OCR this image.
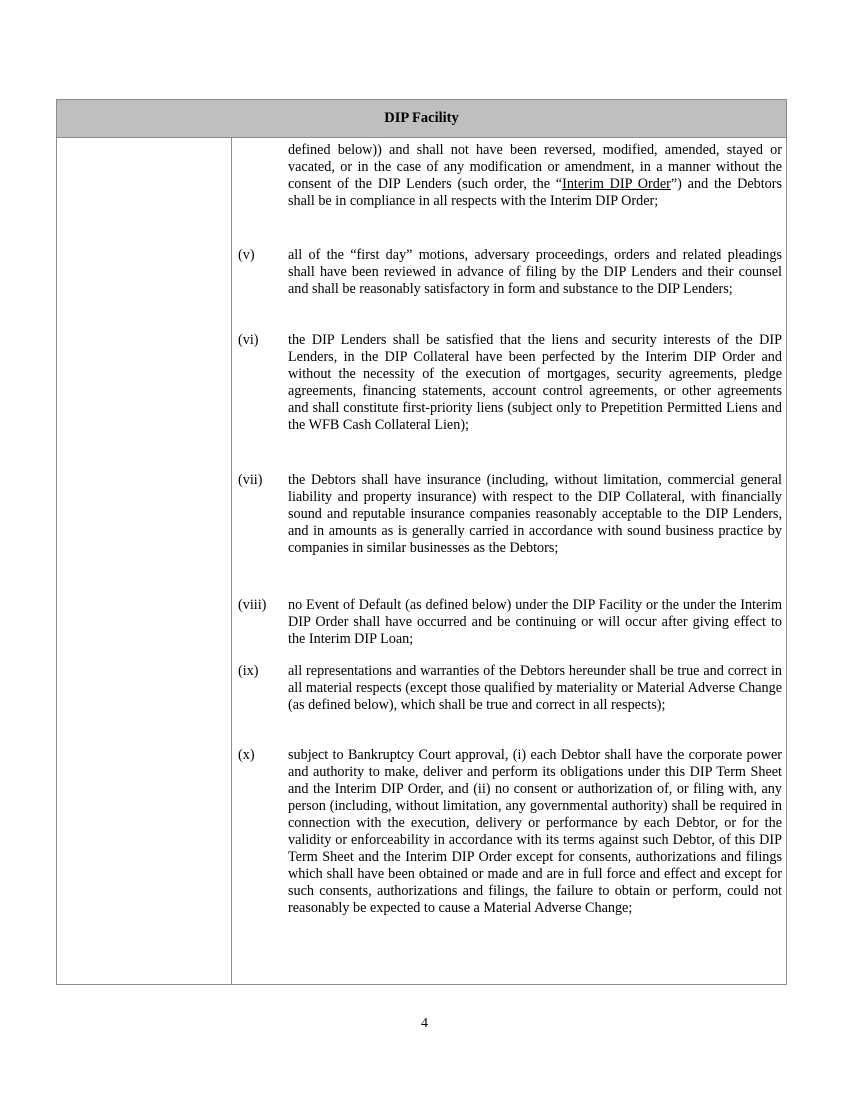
DIP Facility
defined below)) and shall not have been reversed, modified, amended, stayed or vacated, or in the case of any modification or amendment, in a manner without the consent of the DIP Lenders (such order, the “Interim DIP Order”) and the Debtors shall be in compliance in all respects with the Interim DIP Order;
(v)	all of the “first day” motions, adversary proceedings, orders and related pleadings shall have been reviewed in advance of filing by the DIP Lenders and their counsel and shall be reasonably satisfactory in form and substance to the DIP Lenders;
(vi)	the DIP Lenders shall be satisfied that the liens and security interests of the DIP Lenders, in the DIP Collateral have been perfected by the Interim DIP Order and without the necessity of the execution of mortgages, security agreements, pledge agreements, financing statements, account control agreements, or other agreements and shall constitute first-priority liens (subject only to Prepetition Permitted Liens and the WFB Cash Collateral Lien);
(vii)	the Debtors shall have insurance (including, without limitation, commercial general liability and property insurance) with respect to the DIP Collateral, with financially sound and reputable insurance companies reasonably acceptable to the DIP Lenders, and in amounts as is generally carried in accordance with sound business practice by companies in similar businesses as the Debtors;
(viii)	no Event of Default (as defined below) under the DIP Facility or the under the Interim DIP Order shall have occurred and be continuing or will occur after giving effect to the Interim DIP Loan;
(ix)	all representations and warranties of the Debtors hereunder shall be true and correct in all material respects (except those qualified by materiality or Material Adverse Change (as defined below), which shall be true and correct in all respects);
(x)	subject to Bankruptcy Court approval, (i) each Debtor shall have the corporate power and authority to make, deliver and perform its obligations under this DIP Term Sheet and the Interim DIP Order, and (ii) no consent or authorization of, or filing with, any person (including, without limitation, any governmental authority) shall be required in connection with the execution, delivery or performance by each Debtor, or for the validity or enforceability in accordance with its terms against such Debtor, of this DIP Term Sheet and the Interim DIP Order except for consents, authorizations and filings which shall have been obtained or made and are in full force and effect and except for such consents, authorizations and filings, the failure to obtain or perform, could not reasonably be expected to cause a Material Adverse Change;
4
